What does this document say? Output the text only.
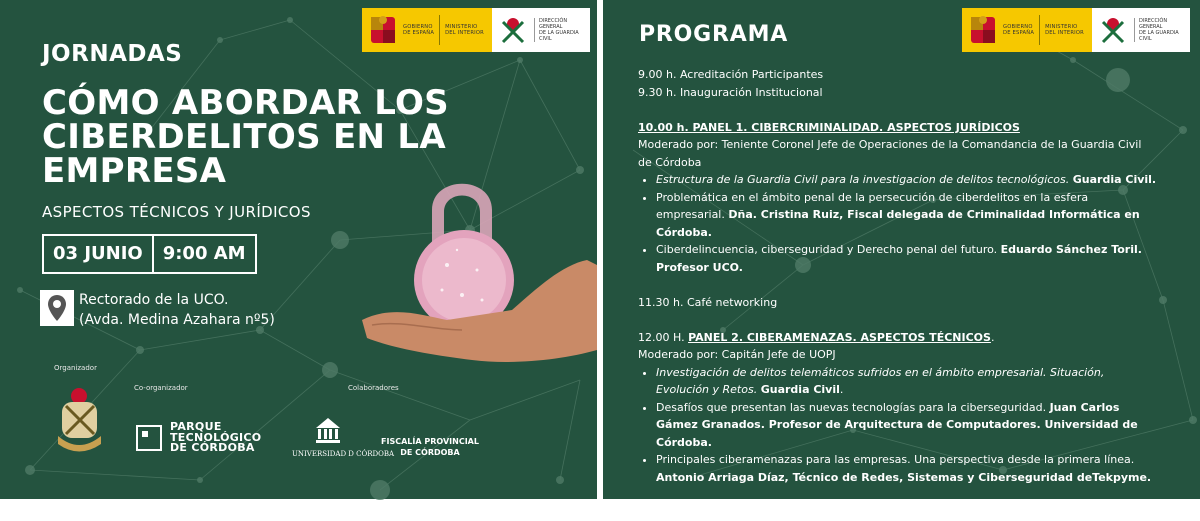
GOBIERNO
DE ESPAÑA
MINISTERIO
DEL INTERIOR
DIRECCIÓN GENERAL
DE LA GUARDIA CIVIL
JORNADAS
CÓMO ABORDAR LOS CIBERDELITOS EN LA EMPRESA
ASPECTOS TÉCNICOS Y JURÍDICOS
03 JUNIO	9:00 AM
Rectorado de la UCO.
(Avda. Medina Azahara nº5)
Organizador
Co-organizador
PARQUE
TECNOLÓGICO
DE CÓRDOBA
Colaboradores
UNIVERSIDAD D CÓRDOBA
FISCALÍA PROVINCIAL
DE CÓRDOBA
GOBIERNO
DE ESPAÑA
MINISTERIO
DEL INTERIOR
DIRECCIÓN GENERAL
DE LA GUARDIA CIVIL
PROGRAMA

9.00 h. Acreditación Participantes

9.30 h. Inauguración Institucional

10.00 h. PANEL 1. CIBERCRIMINALIDAD. ASPECTOS JURÍDICOS

Moderado por: Teniente Coronel Jefe de Operaciones de la Comandancia de la Guardia Civil de Córdoba

• Estructura de la Guardia Civil para la investigacion de delitos tecnológicos. Guardia Civil.
• Problemática en el ámbito penal de la persecución de ciberdelitos en la esfera empresarial. Dña. Cristina Ruiz, Fiscal delegada de Criminalidad Informática en Córdoba.
• Ciberdelincuencia, ciberseguridad y Derecho penal del futuro. Eduardo Sánchez Toril. Profesor UCO.

11.30 h. Café networking

12.00 H. PANEL 2. CIBERAMENAZAS. ASPECTOS TÉCNICOS.

Moderado por: Capitán Jefe de UOPJ

• Investigación de delitos telemáticos sufridos en el ámbito empresarial. Situación, Evolución y Retos. Guardia Civil.
• Desafíos que presentan las nuevas tecnologías para la ciberseguridad. Juan Carlos Gámez Granados. Profesor de Arquitectura de Computadores. Universidad de Córdoba.
• Principales ciberamenazas para las empresas. Una perspectiva desde la primera línea. Antonio Arriaga Díaz, Técnico de Redes, Sistemas y Ciberseguridad deTekpyme.

14.00 h. Clausura.
